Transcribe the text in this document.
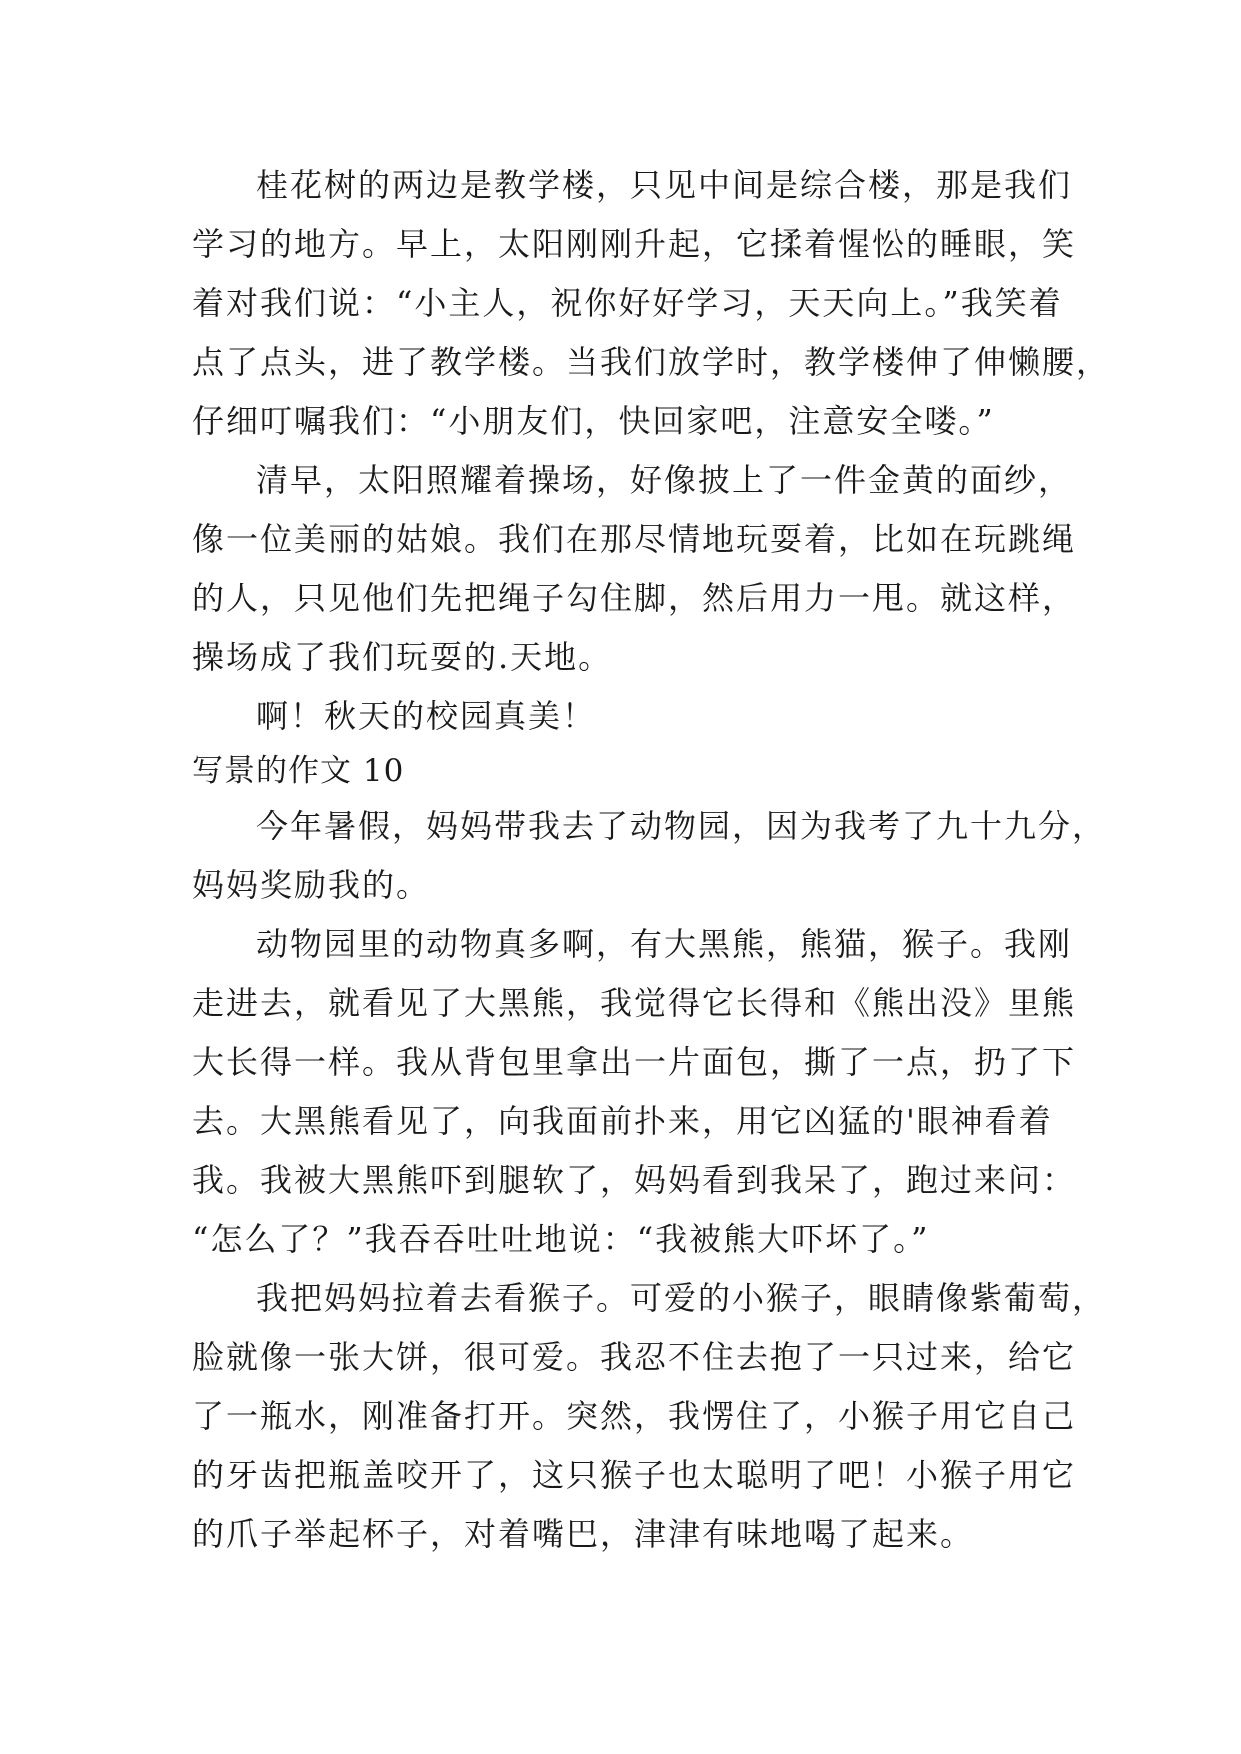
桂花树的两边是教学楼，只见中间是综合楼，那是我们
学习的地方。早上，太阳刚刚升起，它揉着惺忪的睡眼，笑
着对我们说：“小主人，祝你好好学习，天天向上。”我笑着
点了点头，进了教学楼。当我们放学时，教学楼伸了伸懒腰，
仔细叮嘱我们：“小朋友们，快回家吧，注意安全喽。”
清早，太阳照耀着操场，好像披上了一件金黄的面纱，
像一位美丽的姑娘。我们在那尽情地玩耍着，比如在玩跳绳
的人，只见他们先把绳子勾住脚，然后用力一甩。就这样，
操场成了我们玩耍的.天地。
啊！秋天的校园真美！
写景的作文 10
今年暑假，妈妈带我去了动物园，因为我考了九十九分，
妈妈奖励我的。
动物园里的动物真多啊，有大黑熊，熊猫，猴子。我刚
走进去，就看见了大黑熊，我觉得它长得和《熊出没》里熊
大长得一样。我从背包里拿出一片面包，撕了一点，扔了下
去。大黑熊看见了，向我面前扑来，用它凶猛的'眼神看着
我。我被大黑熊吓到腿软了，妈妈看到我呆了，跑过来问：
“怎么了？”我吞吞吐吐地说：“我被熊大吓坏了。”
我把妈妈拉着去看猴子。可爱的小猴子，眼睛像紫葡萄，
脸就像一张大饼，很可爱。我忍不住去抱了一只过来，给它
了一瓶水，刚准备打开。突然，我愣住了，小猴子用它自己
的牙齿把瓶盖咬开了，这只猴子也太聪明了吧！小猴子用它
的爪子举起杯子，对着嘴巴，津津有味地喝了起来。
